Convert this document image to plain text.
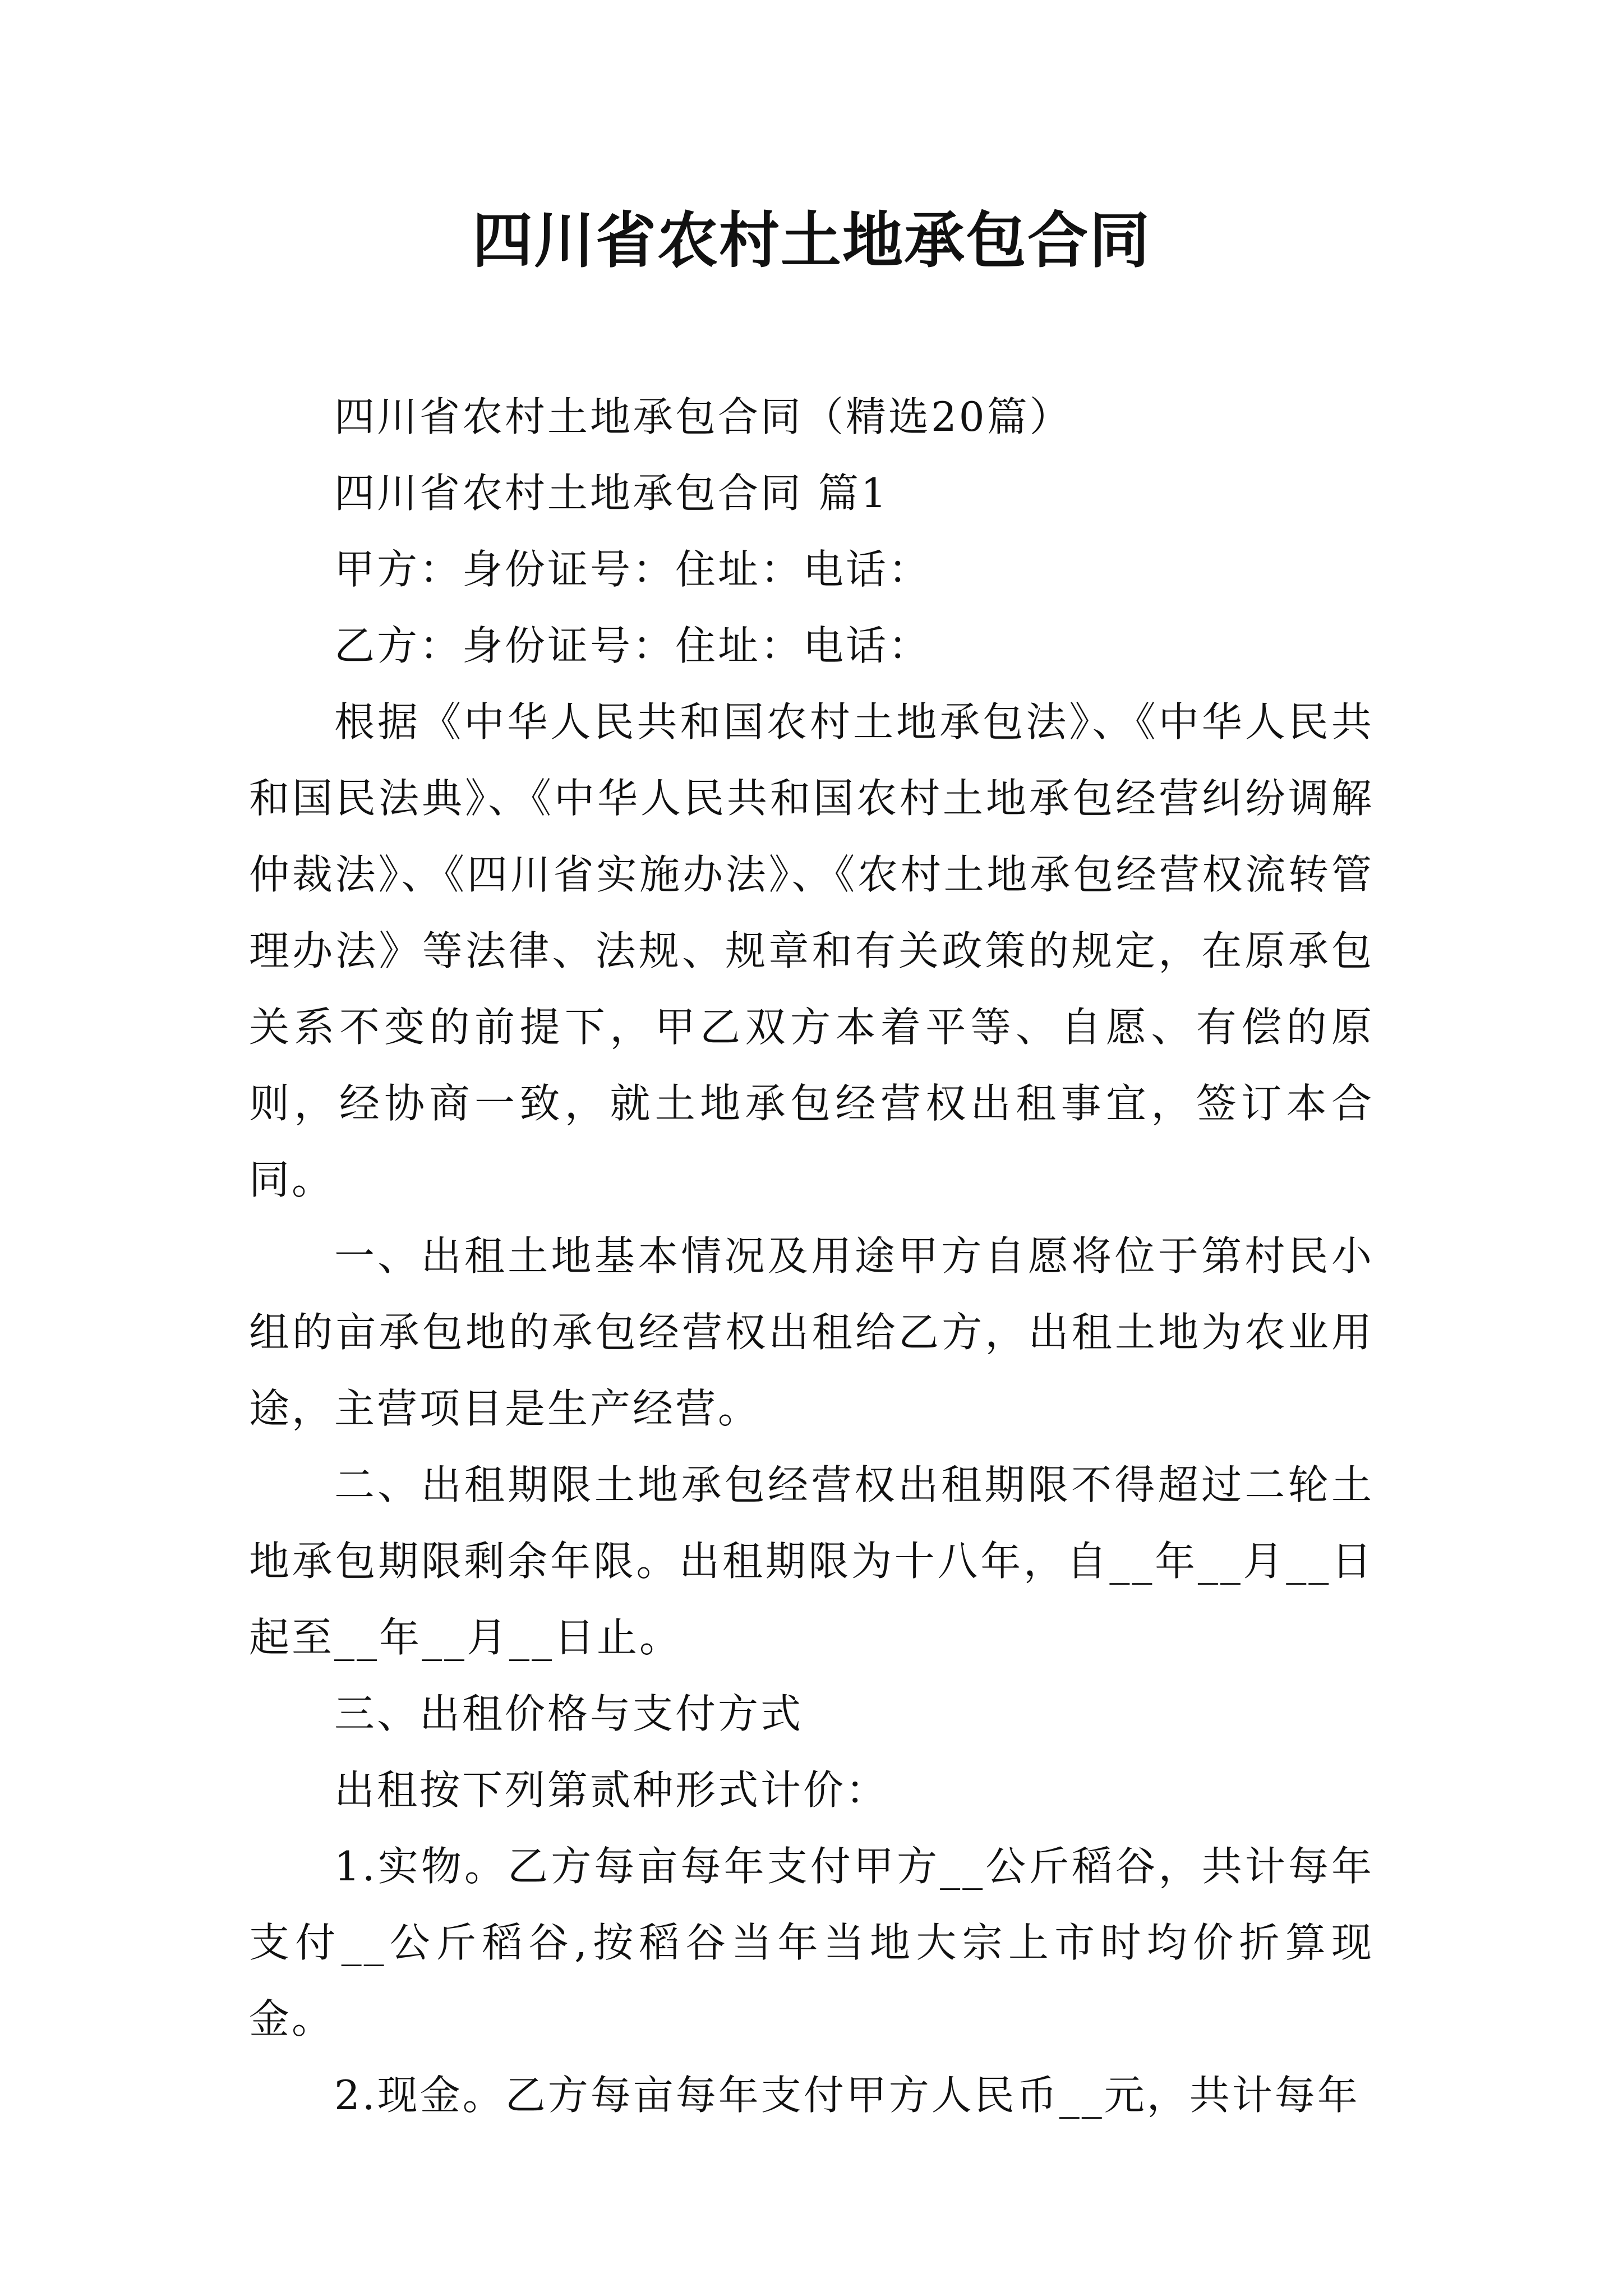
四川省农村土地承包合同

四川省农村土地承包合同（精选20篇）

四川省农村土地承包合同 篇1

甲方：身份证号：住址：电话：

乙方：身份证号：住址：电话：

根据《中华人民共和国农村土地承包法》、《中华人民共和国民法典》、《中华人民共和国农村土地承包经营纠纷调解仲裁法》、《四川省实施办法》、《农村土地承包经营权流转管理办法》等法律、法规、规章和有关政策的规定，在原承包关系不变的前提下，甲乙双方本着平等、自愿、有偿的原则，经协商一致，就土地承包经营权出租事宜，签订本合同。

一、出租土地基本情况及用途甲方自愿将位于第村民小组的亩承包地的承包经营权出租给乙方，出租土地为农业用途，主营项目是生产经营。

二、出租期限土地承包经营权出租期限不得超过二轮土地承包期限剩余年限。出租期限为十八年，自__年__月__日起至__年__月__日止。

三、出租价格与支付方式

出租按下列第贰种形式计价：

1.实物。乙方每亩每年支付甲方__公斤稻谷，共计每年支付__公斤稻谷,按稻谷当年当地大宗上市时均价折算现金。

2.现金。乙方每亩每年支付甲方人民币__元，共计每年
